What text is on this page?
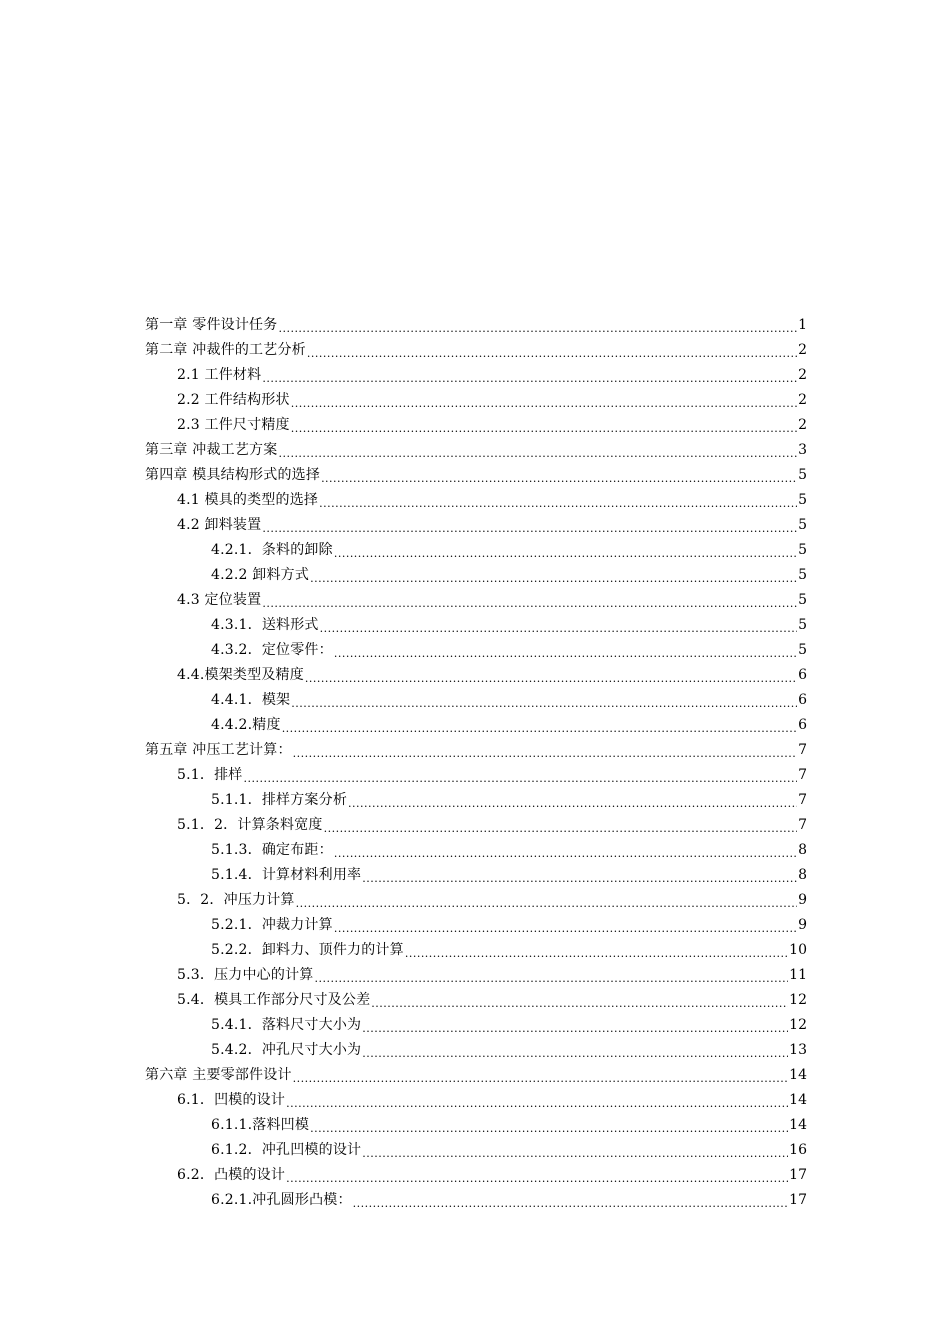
第一章 零件设计任务 .....	1
第二章 冲裁件的工艺分析 .....	2
2.1 工件材料 .....	2
2.2 工件结构形状 .....	2
2.3 工件尺寸精度 .....	2
第三章 冲裁工艺方案 .....	3
第四章 模具结构形式的选择 .....	5
4.1 模具的类型的选择 .....	5
4.2 卸料装置 .....	5
4.2.1．条料的卸除 .....	5
4.2.2 卸料方式 .....	5
4.3 定位装置 .....	5
4.3.1．送料形式 .....	5
4.3.2．定位零件： .....	5
4.4.模架类型及精度 .....	6
4.4.1．模架 .....	6
4.4.2.精度 .....	6
第五章 冲压工艺计算： .....	7
5.1．排样 .....	7
5.1.1．排样方案分析 .....	7
5.1．2．计算条料宽度 .....	7
5.1.3．确定布距： .....	8
5.1.4．计算材料利用率 .....	8
5．2．冲压力计算 .....	9
5.2.1．冲裁力计算 .....	9
5.2.2．卸料力、顶件力的计算 .....	10
5.3．压力中心的计算 .....	11
5.4．模具工作部分尺寸及公差 .....	12
5.4.1．落料尺寸大小为 .....	12
5.4.2．冲孔尺寸大小为 .....	13
第六章 主要零部件设计 .....	14
6.1．凹模的设计 .....	14
6.1.1.落料凹模 .....	14
6.1.2．冲孔凹模的设计 .....	16
6.2．凸模的设计 .....	17
6.2.1.冲孔圆形凸模： .....	17
